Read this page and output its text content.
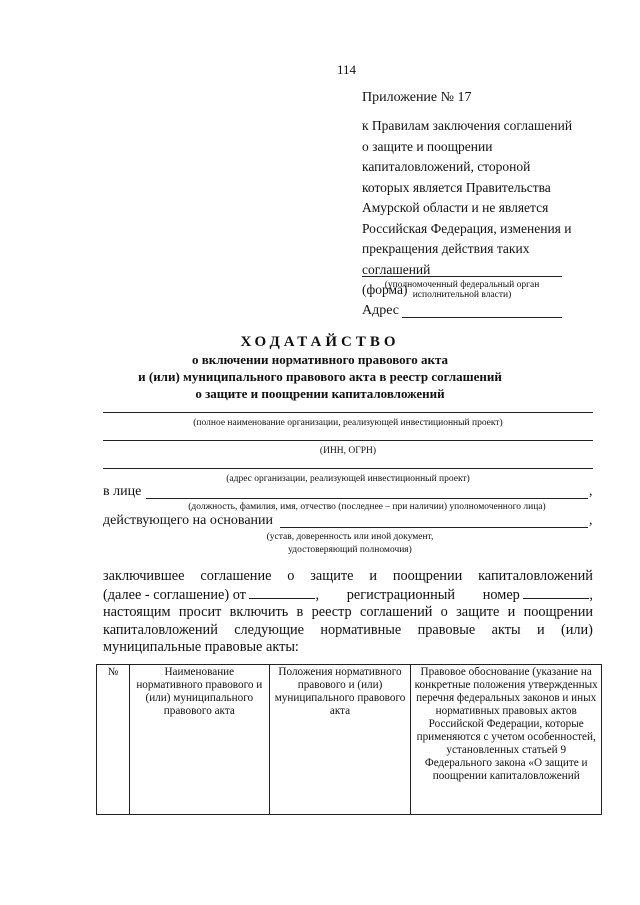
114
Приложение № 17
к Правилам заключения соглашений
о защите и поощрении
капиталовложений, стороной
которых является Правительства
Амурской области и не является
Российская Федерация, изменения и
прекращения действия таких
соглашений
(форма)
(уполномоченный федеральный орган
исполнительной власти)
Адрес
ХОДАТАЙСТВО
о включении нормативного правового акта
и (или) муниципального правового акта в реестр соглашений
о защите и поощрении капиталовложений
(полное наименование организации, реализующей инвестиционный проект)
(ИНН, ОГРН)
(адрес организации, реализующей инвестиционный проект)
в лице	,
(должность, фамилия, имя, отчество (последнее – при наличии) уполномоченного лица)
действующего на основании	,
(устав, доверенность или иной документ,
удостоверяющий полномочия)
заключившее соглашение о защите и поощрении капиталовложений
(далее - соглашение) от	, регистрационный номер	,
настоящим просит включить в реестр соглашений о защите и поощрении
капиталовложений следующие нормативные правовые акты и (или)
муниципальные правовые акты:
№	Наименование нормативного правового и (или) муниципального правового акта	Положения нормативного правового и (или) муниципального правового акта	Правовое обоснование (указание на конкретные положения утвержденных перечня федеральных законов и иных нормативных правовых актов Российской Федерации, которые применяются с учетом особенностей, установленных статьей 9 Федерального закона «О защите и поощрении капиталовложений
